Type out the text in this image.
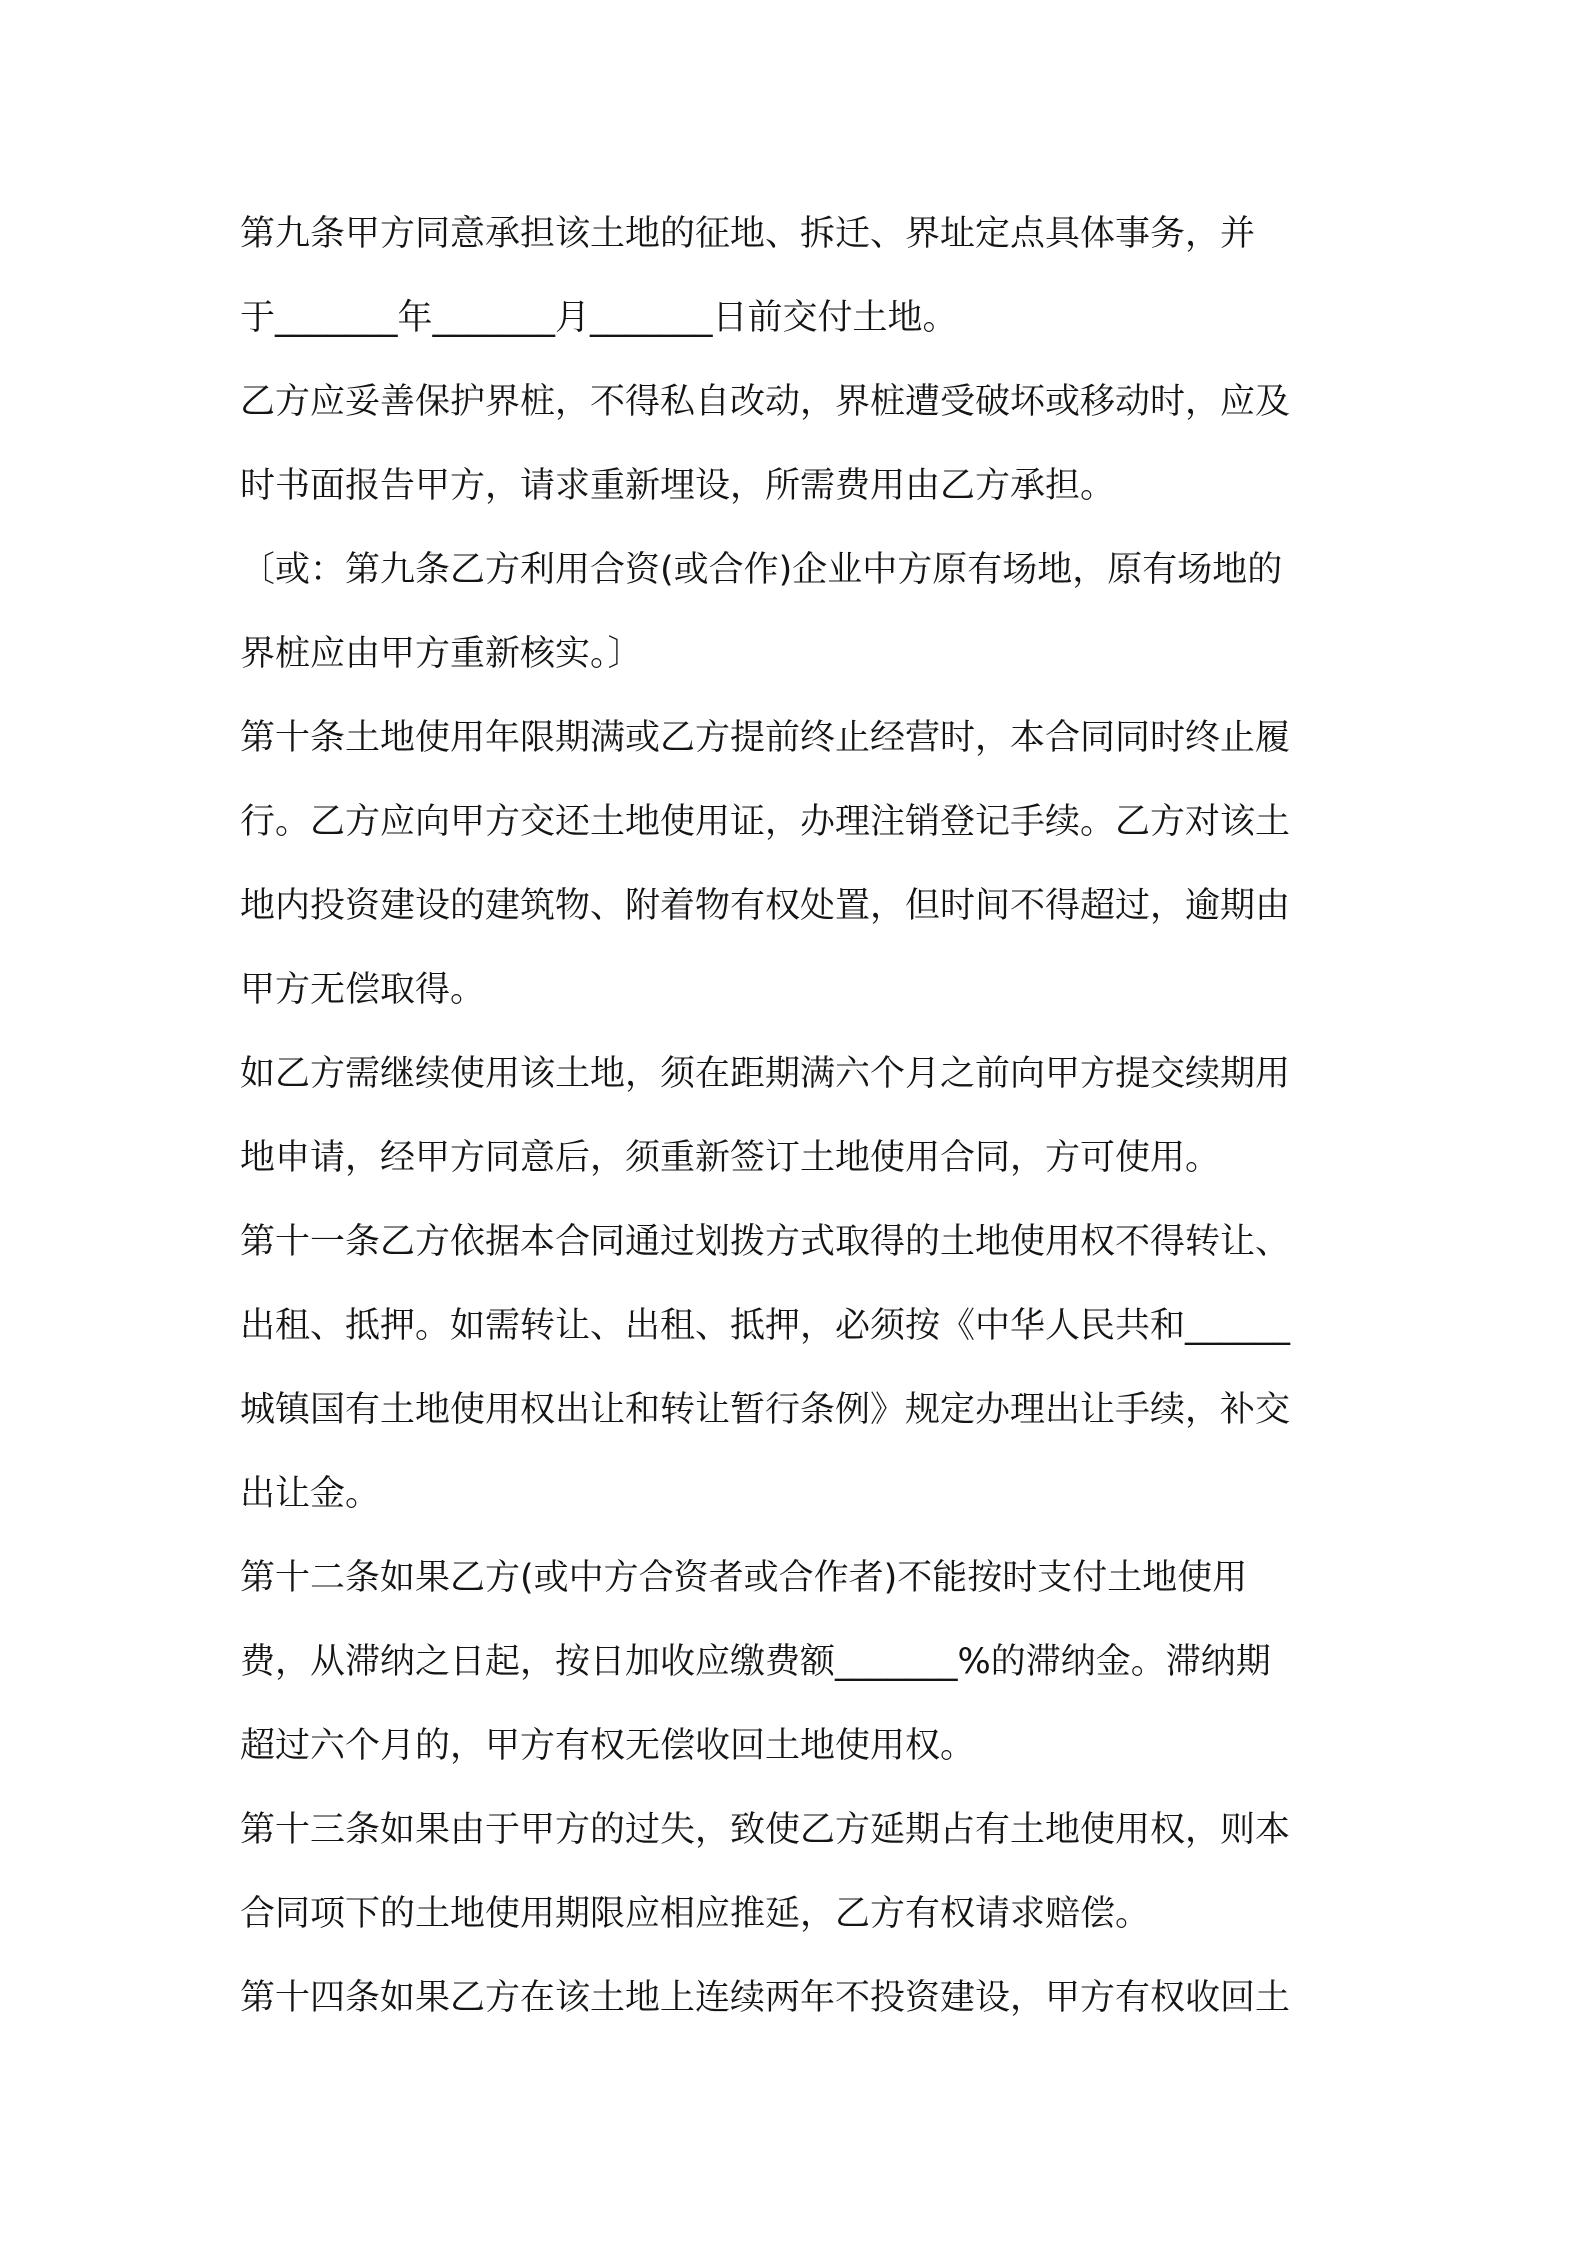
第九条甲方同意承担该土地的征地、拆迁、界址定点具体事务，并
于_______年_______月_______日前交付土地。
乙方应妥善保护界桩，不得私自改动，界桩遭受破坏或移动时，应及
时书面报告甲方，请求重新埋设，所需费用由乙方承担。
〔或：第九条乙方利用合资(或合作)企业中方原有场地，原有场地的
界桩应由甲方重新核实。〕
第十条土地使用年限期满或乙方提前终止经营时，本合同同时终止履
行。乙方应向甲方交还土地使用证，办理注销登记手续。乙方对该土
地内投资建设的建筑物、附着物有权处置，但时间不得超过，逾期由
甲方无偿取得。
如乙方需继续使用该土地，须在距期满六个月之前向甲方提交续期用
地申请，经甲方同意后，须重新签订土地使用合同，方可使用。
第十一条乙方依据本合同通过划拨方式取得的土地使用权不得转让、
出租、抵押。如需转让、出租、抵押，必须按《中华人民共和______
城镇国有土地使用权出让和转让暂行条例》规定办理出让手续，补交
出让金。
第十二条如果乙方(或中方合资者或合作者)不能按时支付土地使用
费，从滞纳之日起，按日加收应缴费额_______%的滞纳金。滞纳期
超过六个月的，甲方有权无偿收回土地使用权。
第十三条如果由于甲方的过失，致使乙方延期占有土地使用权，则本
合同项下的土地使用期限应相应推延，乙方有权请求赔偿。
第十四条如果乙方在该土地上连续两年不投资建设，甲方有权收回土
